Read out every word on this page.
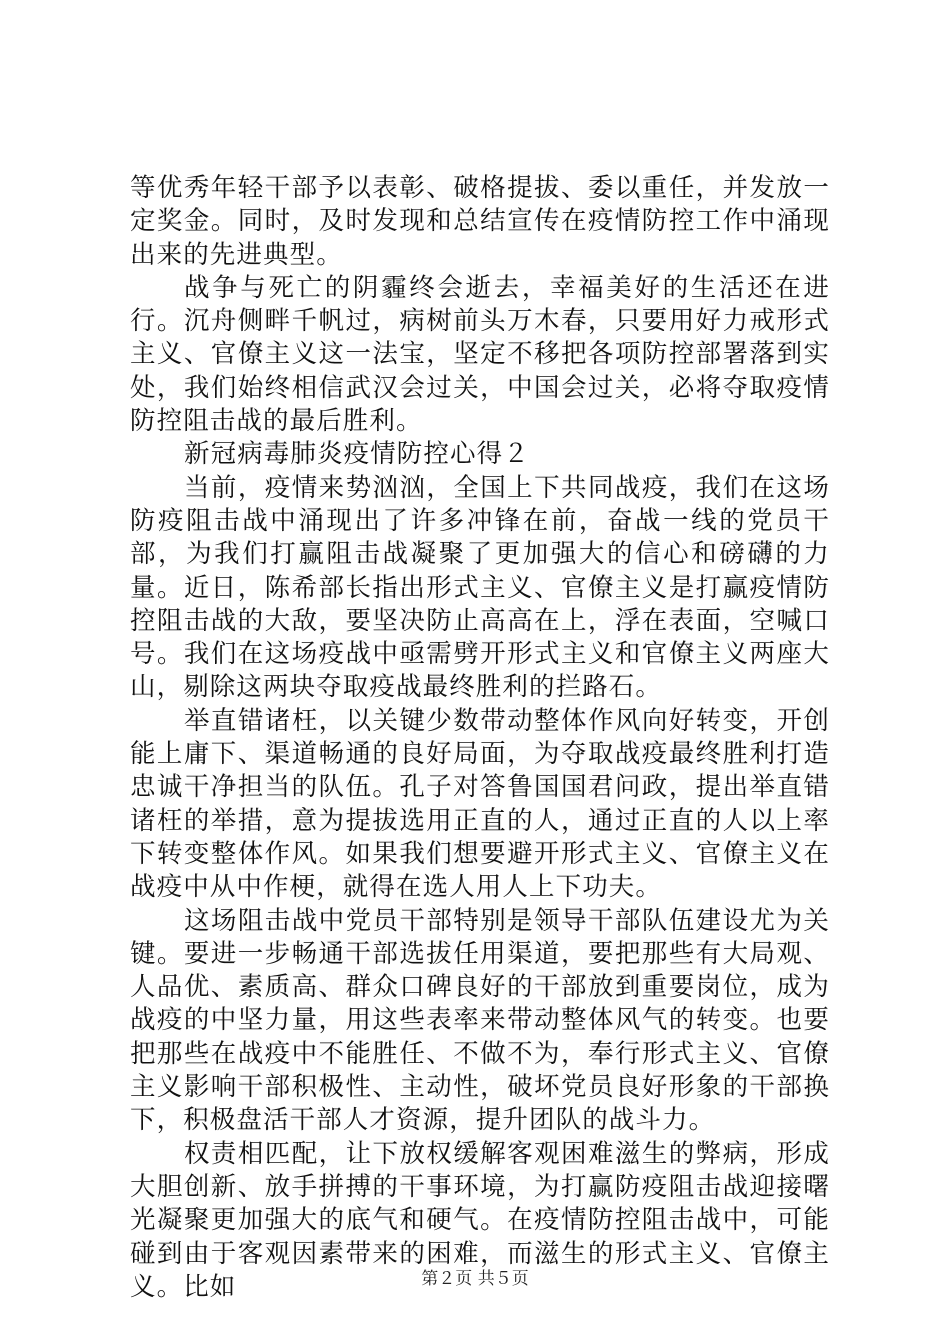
等优秀年轻干部予以表彰、破格提拔、委以重任，并发放一定奖金。同时，及时发现和总结宣传在疫情防控工作中涌现出来的先进典型。

战争与死亡的阴霾终会逝去，幸福美好的生活还在进行。沉舟侧畔千帆过，病树前头万木春，只要用好力戒形式主义、官僚主义这一法宝，坚定不移把各项防控部署落到实处，我们始终相信武汉会过关，中国会过关，必将夺取疫情防控阻击战的最后胜利。

新冠病毒肺炎疫情防控心得２

当前，疫情来势汹汹，全国上下共同战疫，我们在这场防疫阻击战中涌现出了许多冲锋在前，奋战一线的党员干部，为我们打赢阻击战凝聚了更加强大的信心和磅礴的力量。近日，陈希部长指出形式主义、官僚主义是打赢疫情防控阻击战的大敌，要坚决防止高高在上，浮在表面，空喊口号。我们在这场疫战中亟需劈开形式主义和官僚主义两座大山，剔除这两块夺取疫战最终胜利的拦路石。

举直错诸枉，以关键少数带动整体作风向好转变，开创能上庸下、渠道畅通的良好局面，为夺取战疫最终胜利打造忠诚干净担当的队伍。孔子对答鲁国国君问政，提出举直错诸枉的举措，意为提拔选用正直的人，通过正直的人以上率下转变整体作风。如果我们想要避开形式主义、官僚主义在战疫中从中作梗，就得在选人用人上下功夫。

这场阻击战中党员干部特别是领导干部队伍建设尤为关键。要进一步畅通干部选拔任用渠道，要把那些有大局观、人品优、素质高、群众口碑良好的干部放到重要岗位，成为战疫的中坚力量，用这些表率来带动整体风气的转变。也要把那些在战疫中不能胜任、不做不为，奉行形式主义、官僚主义影响干部积极性、主动性，破坏党员良好形象的干部换下，积极盘活干部人才资源，提升团队的战斗力。

权责相匹配，让下放权缓解客观困难滋生的弊病，形成大胆创新、放手拼搏的干事环境，为打赢防疫阻击战迎接曙光凝聚更加强大的底气和硬气。在疫情防控阻击战中，可能碰到由于客观因素带来的困难，而滋生的形式主义、官僚主义。比如	第２页 共５页
